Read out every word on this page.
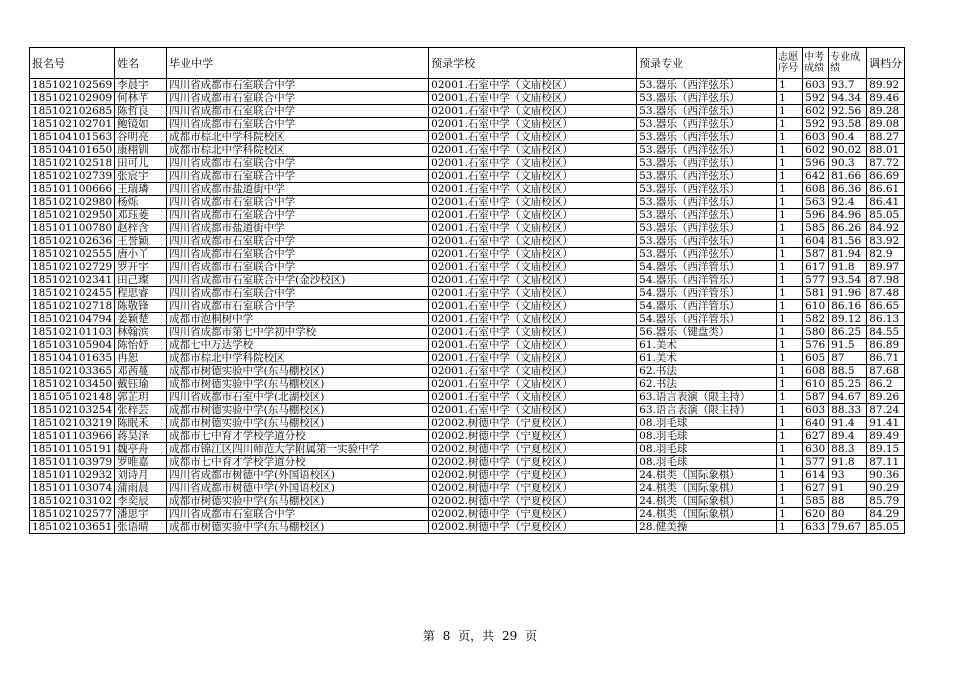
报名号	姓名	毕业中学	预录学校	预录专业	志愿序号	中考成绩	专业成绩	调档分
185102102569	李晨宇	四川省成都市石室联合中学	02001.石室中学（文庙校区）	53.器乐（西洋弦乐）	1	603	93.7	89.92
185102102909	何林芊	四川省成都市石室联合中学	02001.石室中学（文庙校区）	53.器乐（西洋弦乐）	1	592	94.34	89.46
185102102685	陈哲良	四川省成都市石室联合中学	02001.石室中学（文庙校区）	53.器乐（西洋弦乐）	1	602	92.56	89.28
185102102701	鲍镜如	四川省成都市石室联合中学	02001.石室中学（文庙校区）	53.器乐（西洋弦乐）	1	592	93.58	89.08
185104101563	谷明亮	成都市棕北中学科院校区	02001.石室中学（文庙校区）	53.器乐（西洋弦乐）	1	603	90.4	88.27
185104101650	康栩钏	成都市棕北中学科院校区	02001.石室中学（文庙校区）	53.器乐（西洋弦乐）	1	602	90.02	88.01
185102102518	田可儿	四川省成都市石室联合中学	02001.石室中学（文庙校区）	53.器乐（西洋弦乐）	1	596	90.3	87.72
185102102739	张宸宇	四川省成都市石室联合中学	02001.石室中学（文庙校区）	53.器乐（西洋弦乐）	1	642	81.66	86.69
185101100666	王瑞璘	四川省成都市盐道街中学	02001.石室中学（文庙校区）	53.器乐（西洋弦乐）	1	608	86.36	86.61
185102102980	杨烁	四川省成都市石室联合中学	02001.石室中学（文庙校区）	53.器乐（西洋弦乐）	1	563	92.4	86.41
185102102950	邓珏菱	四川省成都市石室联合中学	02001.石室中学（文庙校区）	53.器乐（西洋弦乐）	1	596	84.96	85.05
185101100780	赵梓含	四川省成都市盐道街中学	02001.石室中学（文庙校区）	53.器乐（西洋弦乐）	1	585	86.26	84.92
185102102636	王誉颖	四川省成都市石室联合中学	02001.石室中学（文庙校区）	53.器乐（西洋弦乐）	1	604	81.56	83.92
185102102555	唐小丫	四川省成都市石室联合中学	02001.石室中学（文庙校区）	53.器乐（西洋弦乐）	1	587	81.94	82.9
185102102729	罗开宇	四川省成都市石室联合中学	02001.石室中学（文庙校区）	54.器乐（西洋管乐）	1	617	91.8	89.97
185102102341	田己璨	四川省成都市石室联合中学(金沙校区)	02001.石室中学（文庙校区）	54.器乐（西洋管乐）	1	577	93.54	87.98
185102102455	程思睿	四川省成都市石室联合中学	02001.石室中学（文庙校区）	54.器乐（西洋管乐）	1	581	91.96	87.48
185102102718	陈敬锋	四川省成都市石室联合中学	02001.石室中学（文庙校区）	54.器乐（西洋管乐）	1	610	86.16	86.65
185102104794	姜颖楚	成都市泡桐树中学	02001.石室中学（文庙校区）	54.器乐（西洋管乐）	1	582	89.12	86.13
185102101103	林翰滨	四川省成都市第七中学初中学校	02001.石室中学（文庙校区）	56.器乐（键盘类）	1	580	86.25	84.55
185103105904	陈怡妤	成都七中万达学校	02001.石室中学（文庙校区）	61.美术	1	576	91.5	86.89
185104101635	冉恕	成都市棕北中学科院校区	02001.石室中学（文庙校区）	61.美术	1	605	87	86.71
185102103365	邓茜蔓	成都市树德实验中学(东马棚校区)	02001.石室中学（文庙校区）	62.书法	1	608	88.5	87.68
185102103450	戴钰瑜	成都市树德实验中学(东马棚校区)	02001.石室中学（文庙校区）	62.书法	1	610	85.25	86.2
185105102148	郭芷玥	四川省成都市石室中学(北湖校区)	02001.石室中学（文庙校区）	63.语言表演（限主持）	1	587	94.67	89.26
185102103254	张梓芸	成都市树德实验中学(东马棚校区)	02001.石室中学（文庙校区）	63.语言表演（限主持）	1	603	88.33	87.24
185102103219	陈眠禾	成都市树德实验中学(东马棚校区)	02002.树德中学（宁夏校区）	08.羽毛球	1	640	91.4	91.41
185101103966	蒋昊泽	成都市七中育才学校学道分校	02002.树德中学（宁夏校区）	08.羽毛球	1	627	89.4	89.49
185101105191	魏亭舟	成都市锦江区四川师范大学附属第一实验中学	02002.树德中学（宁夏校区）	08.羽毛球	1	630	88.3	89.15
185101103979	罗唯嘉	成都市七中育才学校学道分校	02002.树德中学（宁夏校区）	08.羽毛球	1	577	91.8	87.11
185101102932	刘诗月	四川省成都市树德中学(外国语校区)	02002.树德中学（宁夏校区）	24.棋类（国际象棋）	1	614	93	90.36
185101103074	蒲雨晨	四川省成都市树德中学(外国语校区)	02002.树德中学（宁夏校区）	24.棋类（国际象棋）	1	627	91	90.29
185102103102	李奕辰	成都市树德实验中学(东马棚校区)	02002.树德中学（宁夏校区）	24.棋类（国际象棋）	1	585	88	85.79
185102102577	潘思宇	四川省成都市石室联合中学	02002.树德中学（宁夏校区）	24.棋类（国际象棋）	1	620	80	84.29
185102103651	张语晴	成都市树德实验中学(东马棚校区)	02002.树德中学（宁夏校区）	28.健美操	1	633	79.67	85.05
第 8 页，共 29 页
